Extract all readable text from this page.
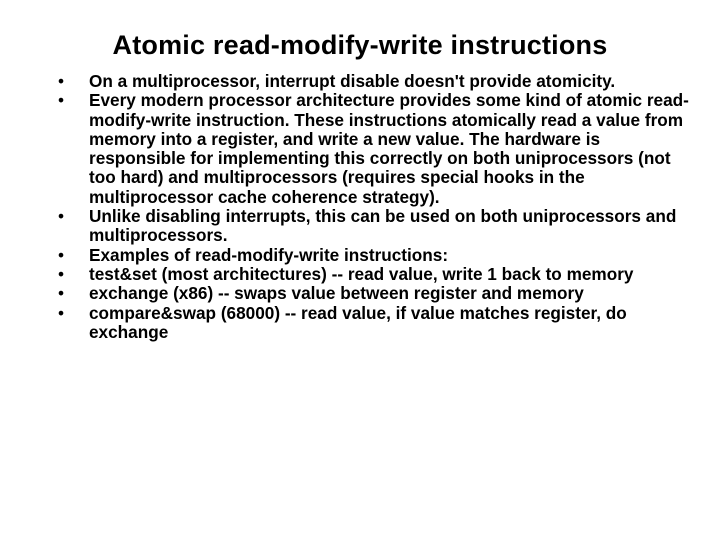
Atomic read-modify-write instructions
• On a multiprocessor, interrupt disable doesn't provide atomicity.
• Every modern processor architecture provides some kind of atomic read-modify-write instruction. These instructions atomically read a value from memory into a register, and write a new value. The hardware is responsible for implementing this correctly on both uniprocessors (not too hard) and multiprocessors (requires special hooks in the multiprocessor cache coherence strategy).
• Unlike disabling interrupts, this can be used on both uniprocessors and multiprocessors.
• Examples of read-modify-write instructions:
• test&set (most architectures) -- read value, write 1 back to memory
• exchange (x86) -- swaps value between register and memory
• compare&swap (68000) -- read value, if value matches register, do exchange
